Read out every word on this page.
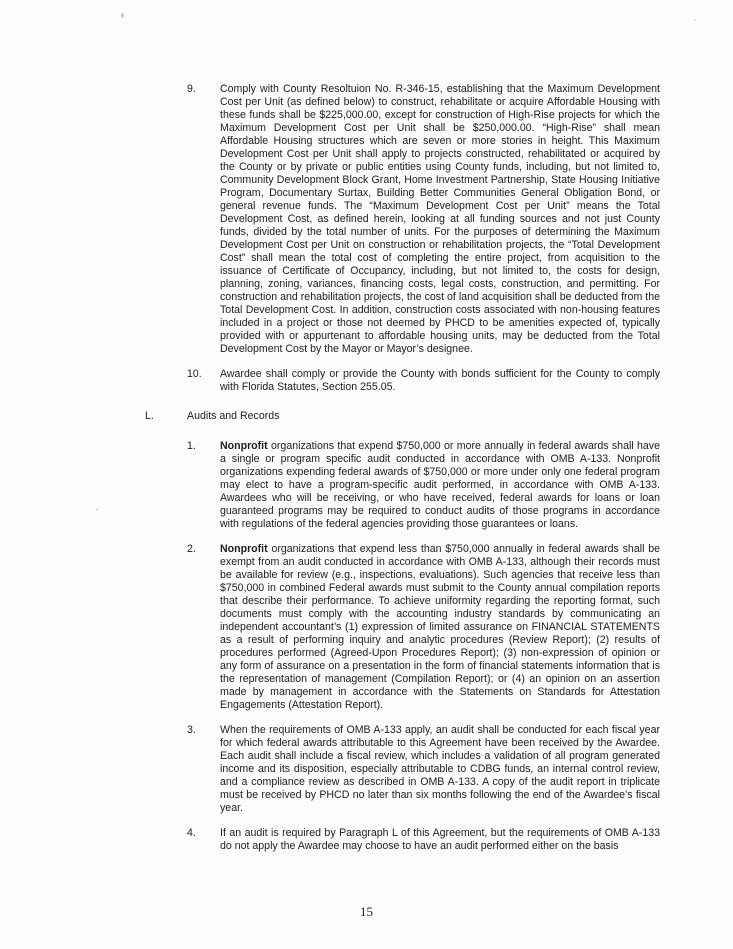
9.	Comply with County Resoltuion No. R-346-15, establishing that the Maximum Development Cost per Unit (as defined below) to construct, rehabilitate or acquire Affordable Housing with these funds shall be $225,000.00, except for construction of High-Rise projects for which the Maximum Development Cost per Unit shall be $250,000.00. “High-Rise” shall mean Affordable Housing structures which are seven or more stories in height. This Maximum Development Cost per Unit shall apply to projects constructed, rehabilitated or acquired by the County or by private or public entities using County funds, including, but not limited to, Community Development Block Grant, Home Investment Partnership, State Housing Initiative Program, Documentary Surtax, Building Better Communities General Obligation Bond, or general revenue funds. The “Maximum Development Cost per Unit” means the Total Development Cost, as defined herein, looking at all funding sources and not just County funds, divided by the total number of units. For the purposes of determining the Maximum Development Cost per Unit on construction or rehabilitation projects, the “Total Development Cost” shall mean the total cost of completing the entire project, from acquisition to the issuance of Certificate of Occupancy, including, but not limited to, the costs for design, planning, zoning, variances, financing costs, legal costs, construction, and permitting. For construction and rehabilitation projects, the cost of land acquisition shall be deducted from the Total Development Cost. In addition, construction costs associated with non-housing features included in a project or those not deemed by PHCD to be amenities expected of, typically provided with or appurtenant to affordable housing units, may be deducted from the Total Development Cost by the Mayor or Mayor’s designee.

10.	Awardee shall comply or provide the County with bonds sufficient for the County to comply with Florida Statutes, Section 255.05.

L.	Audits and Records
1.	Nonprofit organizations that expend $750,000 or more annually in federal awards shall have a single or program specific audit conducted in accordance with OMB A-133. Nonprofit organizations expending federal awards of $750,000 or more under only one federal program may elect to have a program-specific audit performed, in accordance with OMB A-133. Awardees who will be receiving, or who have received, federal awards for loans or loan guaranteed programs may be required to conduct audits of those programs in accordance with regulations of the federal agencies providing those guarantees or loans.

2.	Nonprofit organizations that expend less than $750,000 annually in federal awards shall be exempt from an audit conducted in accordance with OMB A-133, although their records must be available for review (e.g., inspections, evaluations). Such agencies that receive less than $750,000 in combined Federal awards must submit to the County annual compilation reports that describe their performance. To achieve uniformity regarding the reporting format, such documents must comply with the accounting industry standards by communicating an independent accountant’s (1) expression of limited assurance on FINANCIAL STATEMENTS as a result of performing inquiry and analytic procedures (Review Report); (2) results of procedures performed (Agreed-Upon Procedures Report); (3) non-expression of opinion or any form of assurance on a presentation in the form of financial statements information that is the representation of management (Compilation Report); or (4) an opinion on an assertion made by management in accordance with the Statements on Standards for Attestation Engagements (Attestation Report).

3.	When the requirements of OMB A-133 apply, an audit shall be conducted for each fiscal year for which federal awards attributable to this Agreement have been received by the Awardee. Each audit shall include a fiscal review, which includes a validation of all program generated income and its disposition, especially attributable to CDBG funds, an internal control review, and a compliance review as described in OMB A-133. A copy of the audit report in triplicate must be received by PHCD no later than six months following the end of the Awardee’s fiscal year.

4.	If an audit is required by Paragraph L of this Agreement, but the requirements of OMB A-133 do not apply the Awardee may choose to have an audit performed either on the basis

15
